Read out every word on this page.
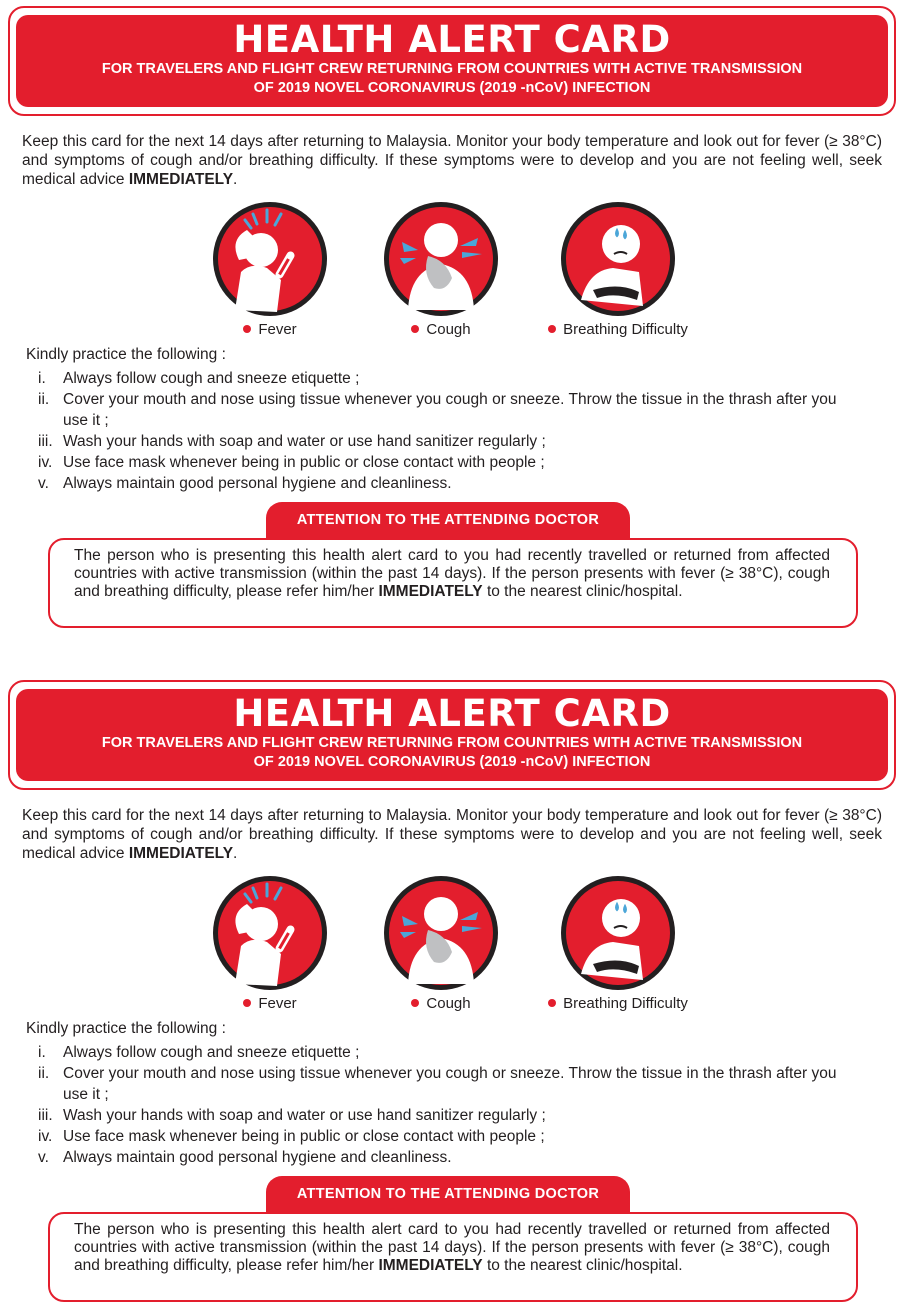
HEALTH ALERT CARD
FOR TRAVELERS AND FLIGHT CREW RETURNING FROM COUNTRIES WITH ACTIVE TRANSMISSION
OF 2019 NOVEL CORONAVIRUS (2019 -nCoV) INFECTION
Keep this card for the next 14 days after returning to Malaysia. Monitor your body temperature and look out for fever (≥ 38°C) and symptoms of cough and/or breathing difficulty. If these symptoms were to develop and you are not feeling well, seek medical advice IMMEDIATELY.
Fever	Cough	Breathing Difficulty
Kindly practice the following :
i. Always follow cough and sneeze etiquette ;
ii. Cover your mouth and nose using tissue whenever you cough or sneeze. Throw the tissue in the thrash after you use it ;
iii. Wash your hands with soap and water or use hand sanitizer regularly ;
iv. Use face mask whenever being in public or close contact with people ;
v. Always maintain good personal hygiene and cleanliness.
ATTENTION TO THE ATTENDING DOCTOR
The person who is presenting this health alert card to you had recently travelled or returned from affected countries with active transmission (within the past 14 days). If the person presents with fever (≥ 38°C), cough and breathing difficulty, please refer him/her IMMEDIATELY to the nearest clinic/hospital.
HEALTH ALERT CARD
FOR TRAVELERS AND FLIGHT CREW RETURNING FROM COUNTRIES WITH ACTIVE TRANSMISSION
OF 2019 NOVEL CORONAVIRUS (2019 -nCoV) INFECTION
Keep this card for the next 14 days after returning to Malaysia. Monitor your body temperature and look out for fever (≥ 38°C) and symptoms of cough and/or breathing difficulty. If these symptoms were to develop and you are not feeling well, seek medical advice IMMEDIATELY.
Fever	Cough	Breathing Difficulty
Kindly practice the following :
i. Always follow cough and sneeze etiquette ;
ii. Cover your mouth and nose using tissue whenever you cough or sneeze. Throw the tissue in the thrash after you use it ;
iii. Wash your hands with soap and water or use hand sanitizer regularly ;
iv. Use face mask whenever being in public or close contact with people ;
v. Always maintain good personal hygiene and cleanliness.
ATTENTION TO THE ATTENDING DOCTOR
The person who is presenting this health alert card to you had recently travelled or returned from affected countries with active transmission (within the past 14 days). If the person presents with fever (≥ 38°C), cough and breathing difficulty, please refer him/her IMMEDIATELY to the nearest clinic/hospital.
